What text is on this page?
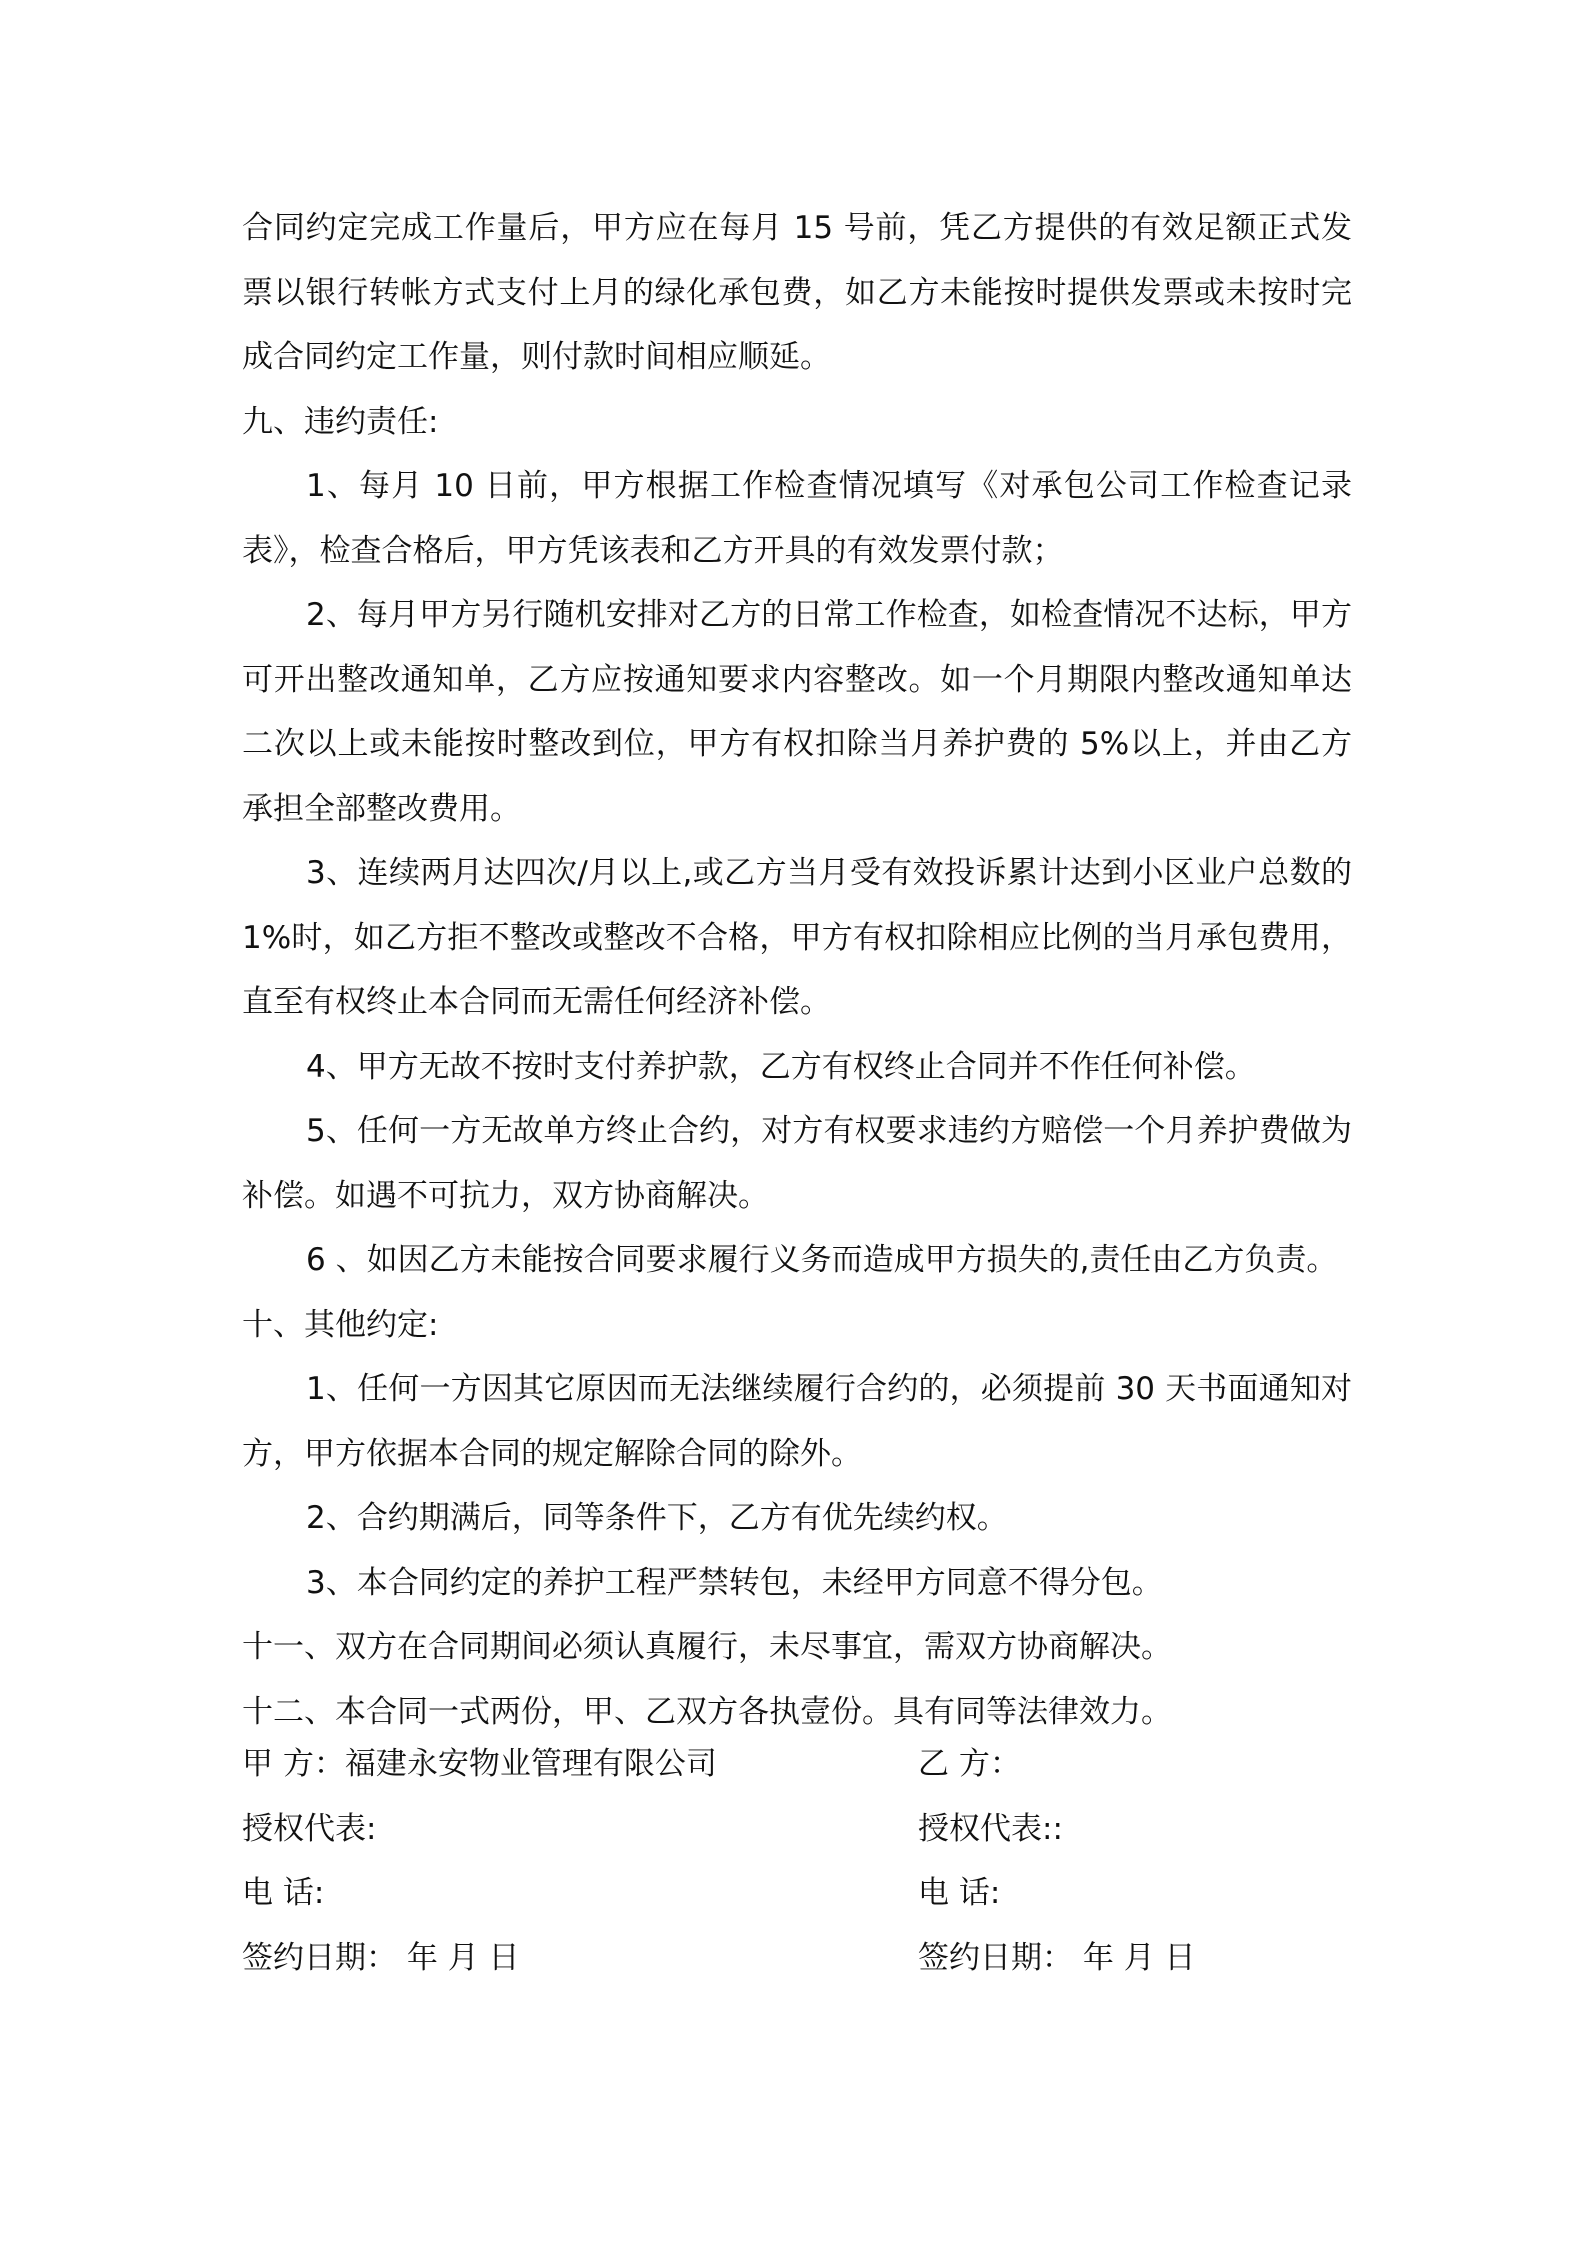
合同约定完成工作量后，甲方应在每月 15 号前，凭乙方提供的有效足额正式发票以银行转帐方式支付上月的绿化承包费，如乙方未能按时提供发票或未按时完成合同约定工作量，则付款时间相应顺延。

九、违约责任:

1、每月 10 日前，甲方根据工作检查情况填写《对承包公司工作检查记录表》，检查合格后，甲方凭该表和乙方开具的有效发票付款；

2、每月甲方另行随机安排对乙方的日常工作检查，如检查情况不达标，甲方可开出整改通知单，乙方应按通知要求内容整改。如一个月期限内整改通知单达二次以上或未能按时整改到位，甲方有权扣除当月养护费的 5%以上，并由乙方承担全部整改费用。

3、连续两月达四次/月以上,或乙方当月受有效投诉累计达到小区业户总数的 1%时，如乙方拒不整改或整改不合格，甲方有权扣除相应比例的当月承包费用，直至有权终止本合同而无需任何经济补偿。

4、甲方无故不按时支付养护款，乙方有权终止合同并不作任何补偿。

5、任何一方无故单方终止合约，对方有权要求违约方赔偿一个月养护费做为补偿。如遇不可抗力，双方协商解决。

6 、如因乙方未能按合同要求履行义务而造成甲方损失的,责任由乙方负责。

十、其他约定:

1、任何一方因其它原因而无法继续履行合约的，必须提前 30 天书面通知对方，甲方依据本合同的规定解除合同的除外。

2、合约期满后，同等条件下，乙方有优先续约权。

3、本合同约定的养护工程严禁转包，未经甲方同意不得分包。

十一、双方在合同期间必须认真履行，未尽事宜，需双方协商解决。

十二、本合同一式两份，甲、乙双方各执壹份。具有同等法律效力。

甲 方：福建永安物业管理有限公司	乙 方：
授权代表:	授权代表::
电 话:	电 话:
签约日期： 年 月 日	签约日期： 年 月 日
